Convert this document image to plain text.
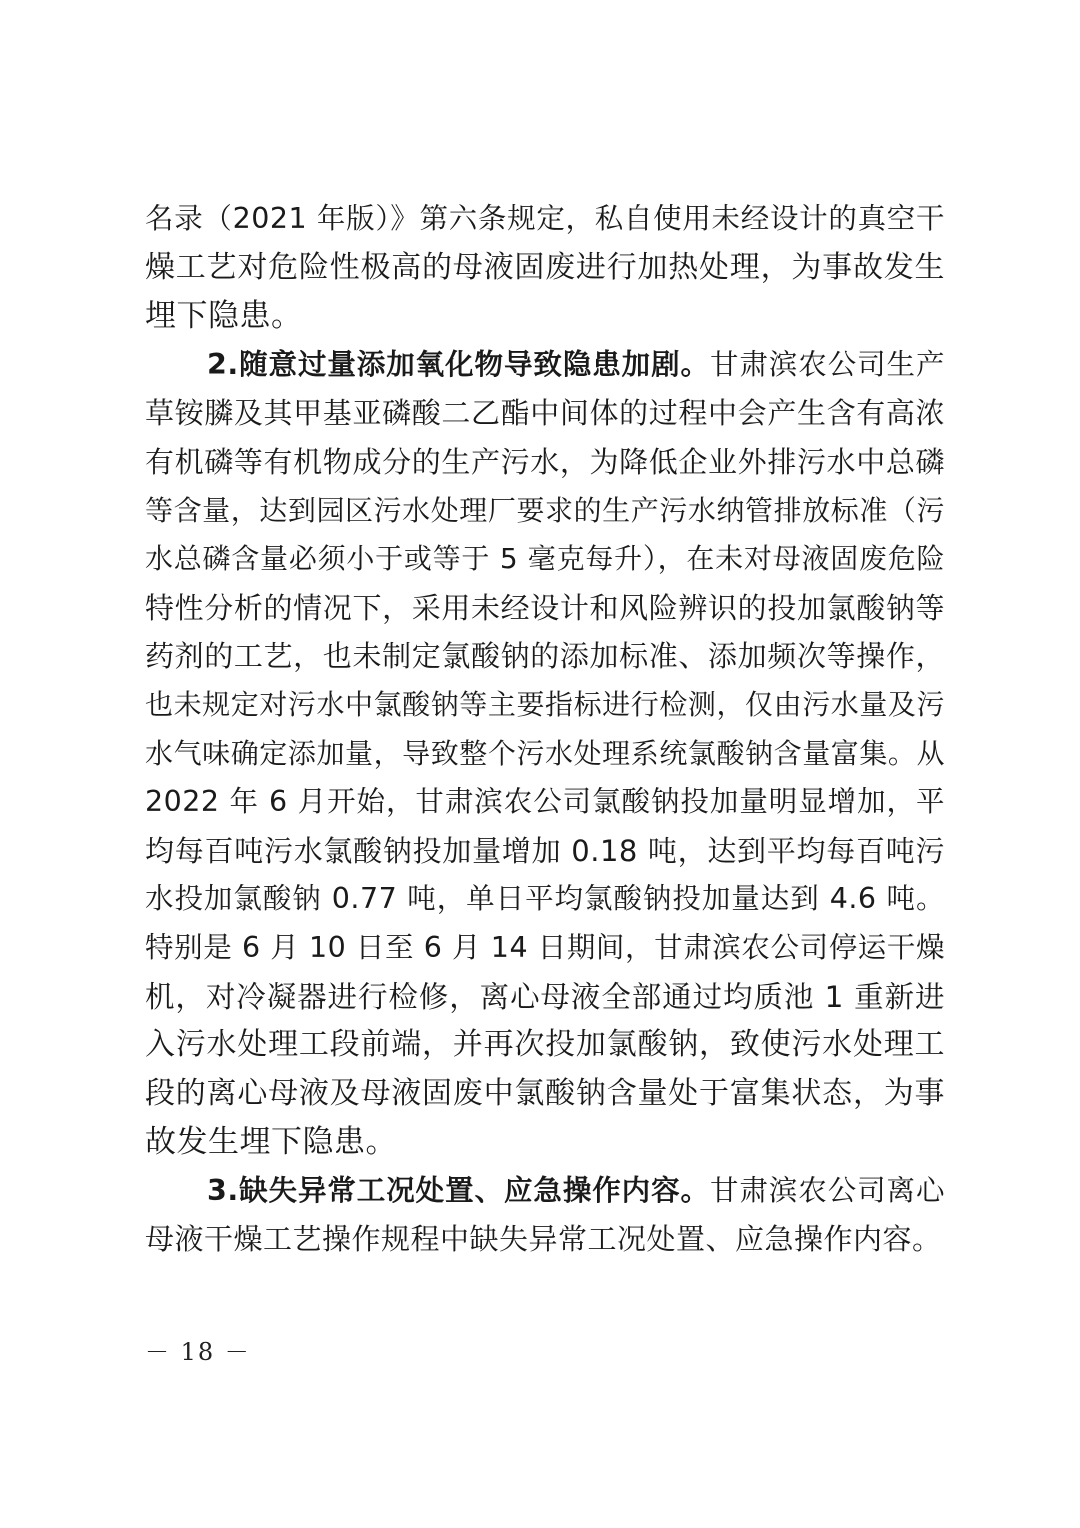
名录（2021 年版）》第六条规定，私自使用未经设计的真空干
燥工艺对危险性极高的母液固废进行加热处理，为事故发生
埋下隐患。
2.随意过量添加氧化物导致隐患加剧。甘肃滨农公司生产
草铵膦及其甲基亚磷酸二乙酯中间体的过程中会产生含有高浓
有机磷等有机物成分的生产污水，为降低企业外排污水中总磷
等含量，达到园区污水处理厂要求的生产污水纳管排放标准（污
水总磷含量必须小于或等于 5 毫克每升），在未对母液固废危险
特性分析的情况下，采用未经设计和风险辨识的投加氯酸钠等
药剂的工艺，也未制定氯酸钠的添加标准、添加频次等操作，
也未规定对污水中氯酸钠等主要指标进行检测，仅由污水量及污
水气味确定添加量，导致整个污水处理系统氯酸钠含量富集。从
2022 年 6 月开始，甘肃滨农公司氯酸钠投加量明显增加，平
均每百吨污水氯酸钠投加量增加 0.18 吨，达到平均每百吨污
水投加氯酸钠 0.77 吨，单日平均氯酸钠投加量达到 4.6 吨。
特别是 6 月 10 日至 6 月 14 日期间，甘肃滨农公司停运干燥
机，对冷凝器进行检修，离心母液全部通过均质池 1 重新进
入污水处理工段前端，并再次投加氯酸钠，致使污水处理工
段的离心母液及母液固废中氯酸钠含量处于富集状态，为事
故发生埋下隐患。
3.缺失异常工况处置、应急操作内容。甘肃滨农公司离心
母液干燥工艺操作规程中缺失异常工况处置、应急操作内容。
－ 18 －
